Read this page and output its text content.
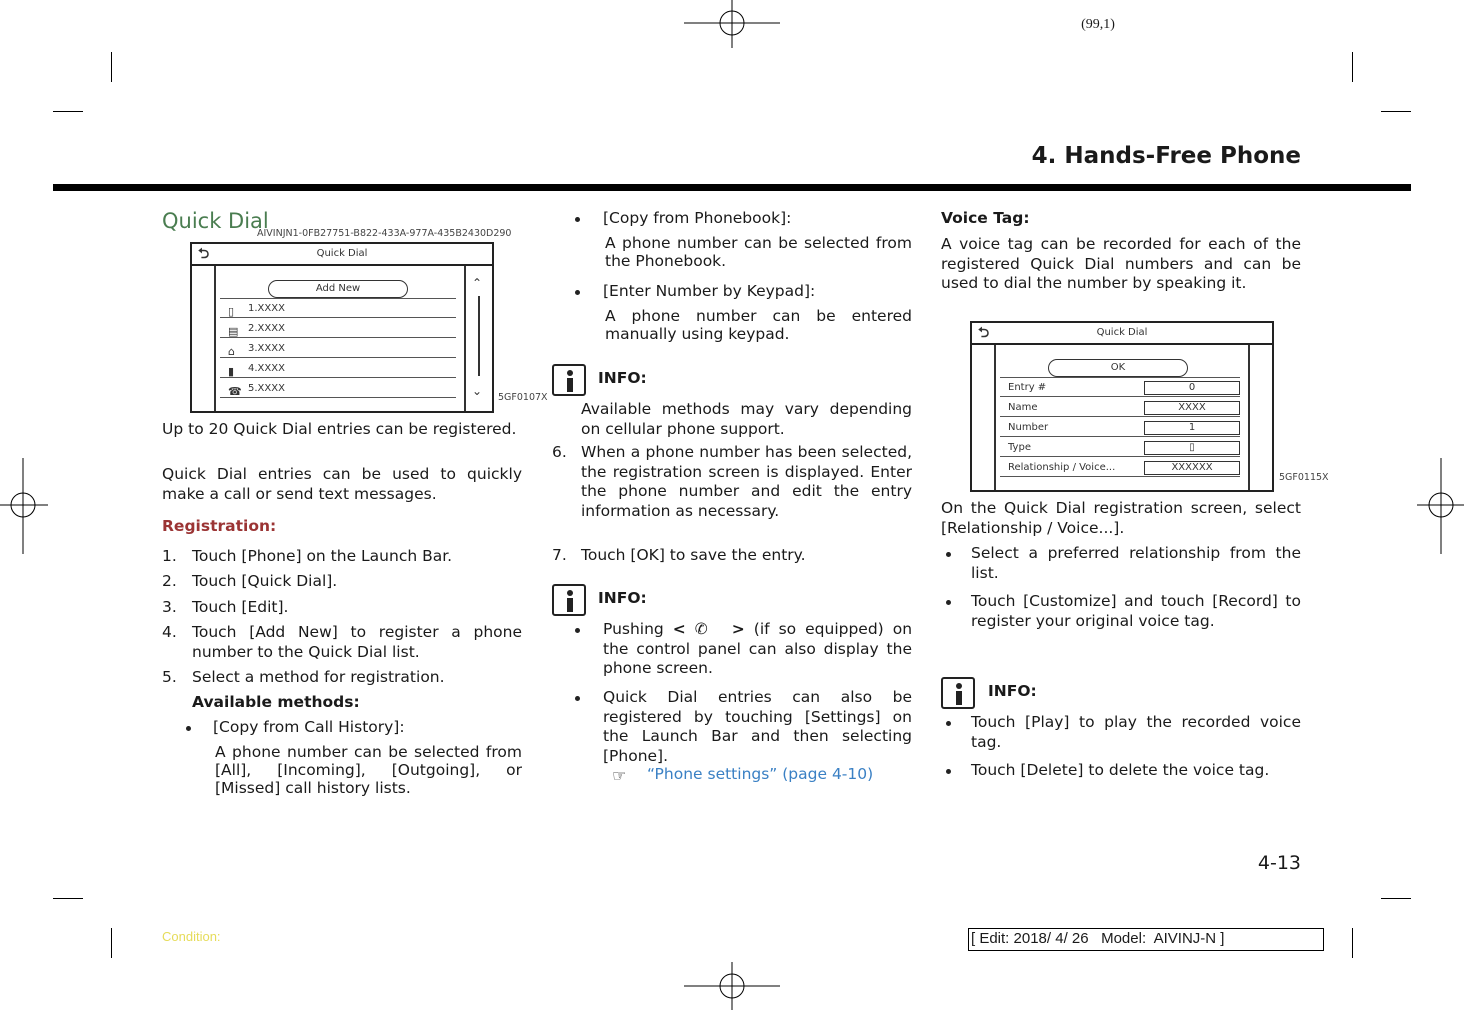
(99,1)
4. Hands-Free Phone
Quick Dial
AIVINJN1-0FB27751-B822-433A-977A-435B2430D290
Quick Dial
⮌
Add New
1.XXXX
2.XXXX
3.XXXX
4.XXXX
5.XXXX
▯
▤
⌂
▮
☎
⌃
⌄ 5GF0107X
Up to 20 Quick Dial entries can be registered.
Quick Dial entries can be used to quickly make a call or send text messages.
Registration:
1. Touch [Phone] on the Launch Bar.
2. Touch [Quick Dial].
3. Touch [Edit].
4. Touch [Add New] to register a phone number to the Quick Dial list.
5. Select a method for registration.
Available methods:
[Copy from Call History]:
A phone number can be selected from [All], [Incoming], [Outgoing], or [Missed] call history lists.
[Copy from Phonebook]:
A phone number can be selected from the Phonebook.
[Enter Number by Keypad]:
A phone number can be entered manually using keypad.
INFO:
Available methods may vary depending on cellular phone support.
6. When a phone number has been selected, the registration screen is displayed. Enter the phone number and edit the entry information as necessary.
7. Touch [OK] to save the entry.
INFO:
Pushing < ✆ > (if so equipped) on the control panel can also display the phone screen.
Quick Dial entries can also be registered by touching [Settings] on the Launch Bar and then selecting [Phone].
☞ “Phone settings” (page 4-10)
Voice Tag:
A voice tag can be recorded for each of the registered Quick Dial numbers and can be used to dial the number by speaking it.
Quick Dial
⮌
OK
Entry #
Name
Number
Type
Relationship / Voice...
0
XXXX
1
▯
XXXXXX
5GF0115X
On the Quick Dial registration screen, select [Relationship / Voice...].
Select a preferred relationship from the list.
Touch [Customize] and touch [Record] to register your original voice tag.
INFO:
Touch [Play] to play the recorded voice tag.
Touch [Delete] to delete the voice tag.
4-13
Condition:	[ Edit: 2018/ 4/ 26   Model:  AIVINJ-N ]
